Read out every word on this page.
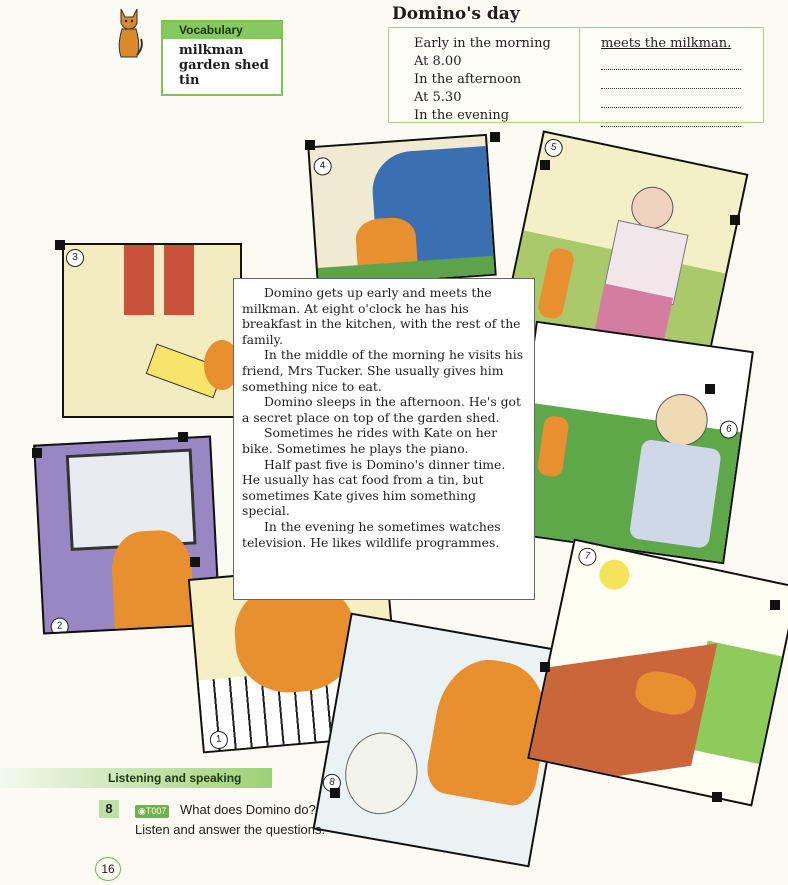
Vocabulary
milkman
garden shed
tin
Domino's day
Early in the morning
At 8.00
In the afternoon
At 5.30
In the evening
meets the milkman.
4
5
3
6
2
1
8
7

Domino gets up early and meets the milkman. At eight o'clock he has his breakfast in the kitchen, with the rest of the family.

In the middle of the morning he visits his friend, Mrs Tucker. She usually gives him something nice to eat.

Domino sleeps in the afternoon. He's got a secret place on top of the garden shed.

Sometimes he rides with Kate on her bike. Sometimes he plays the piano.

Half past five is Domino's dinner time. He usually has cat food from a tin, but sometimes Kate gives him something special.

In the evening he sometimes watches television. He likes wildlife programmes.

Listening and speaking
8	◉T007 What does Domino do?
Listen and answer the questions.
16
